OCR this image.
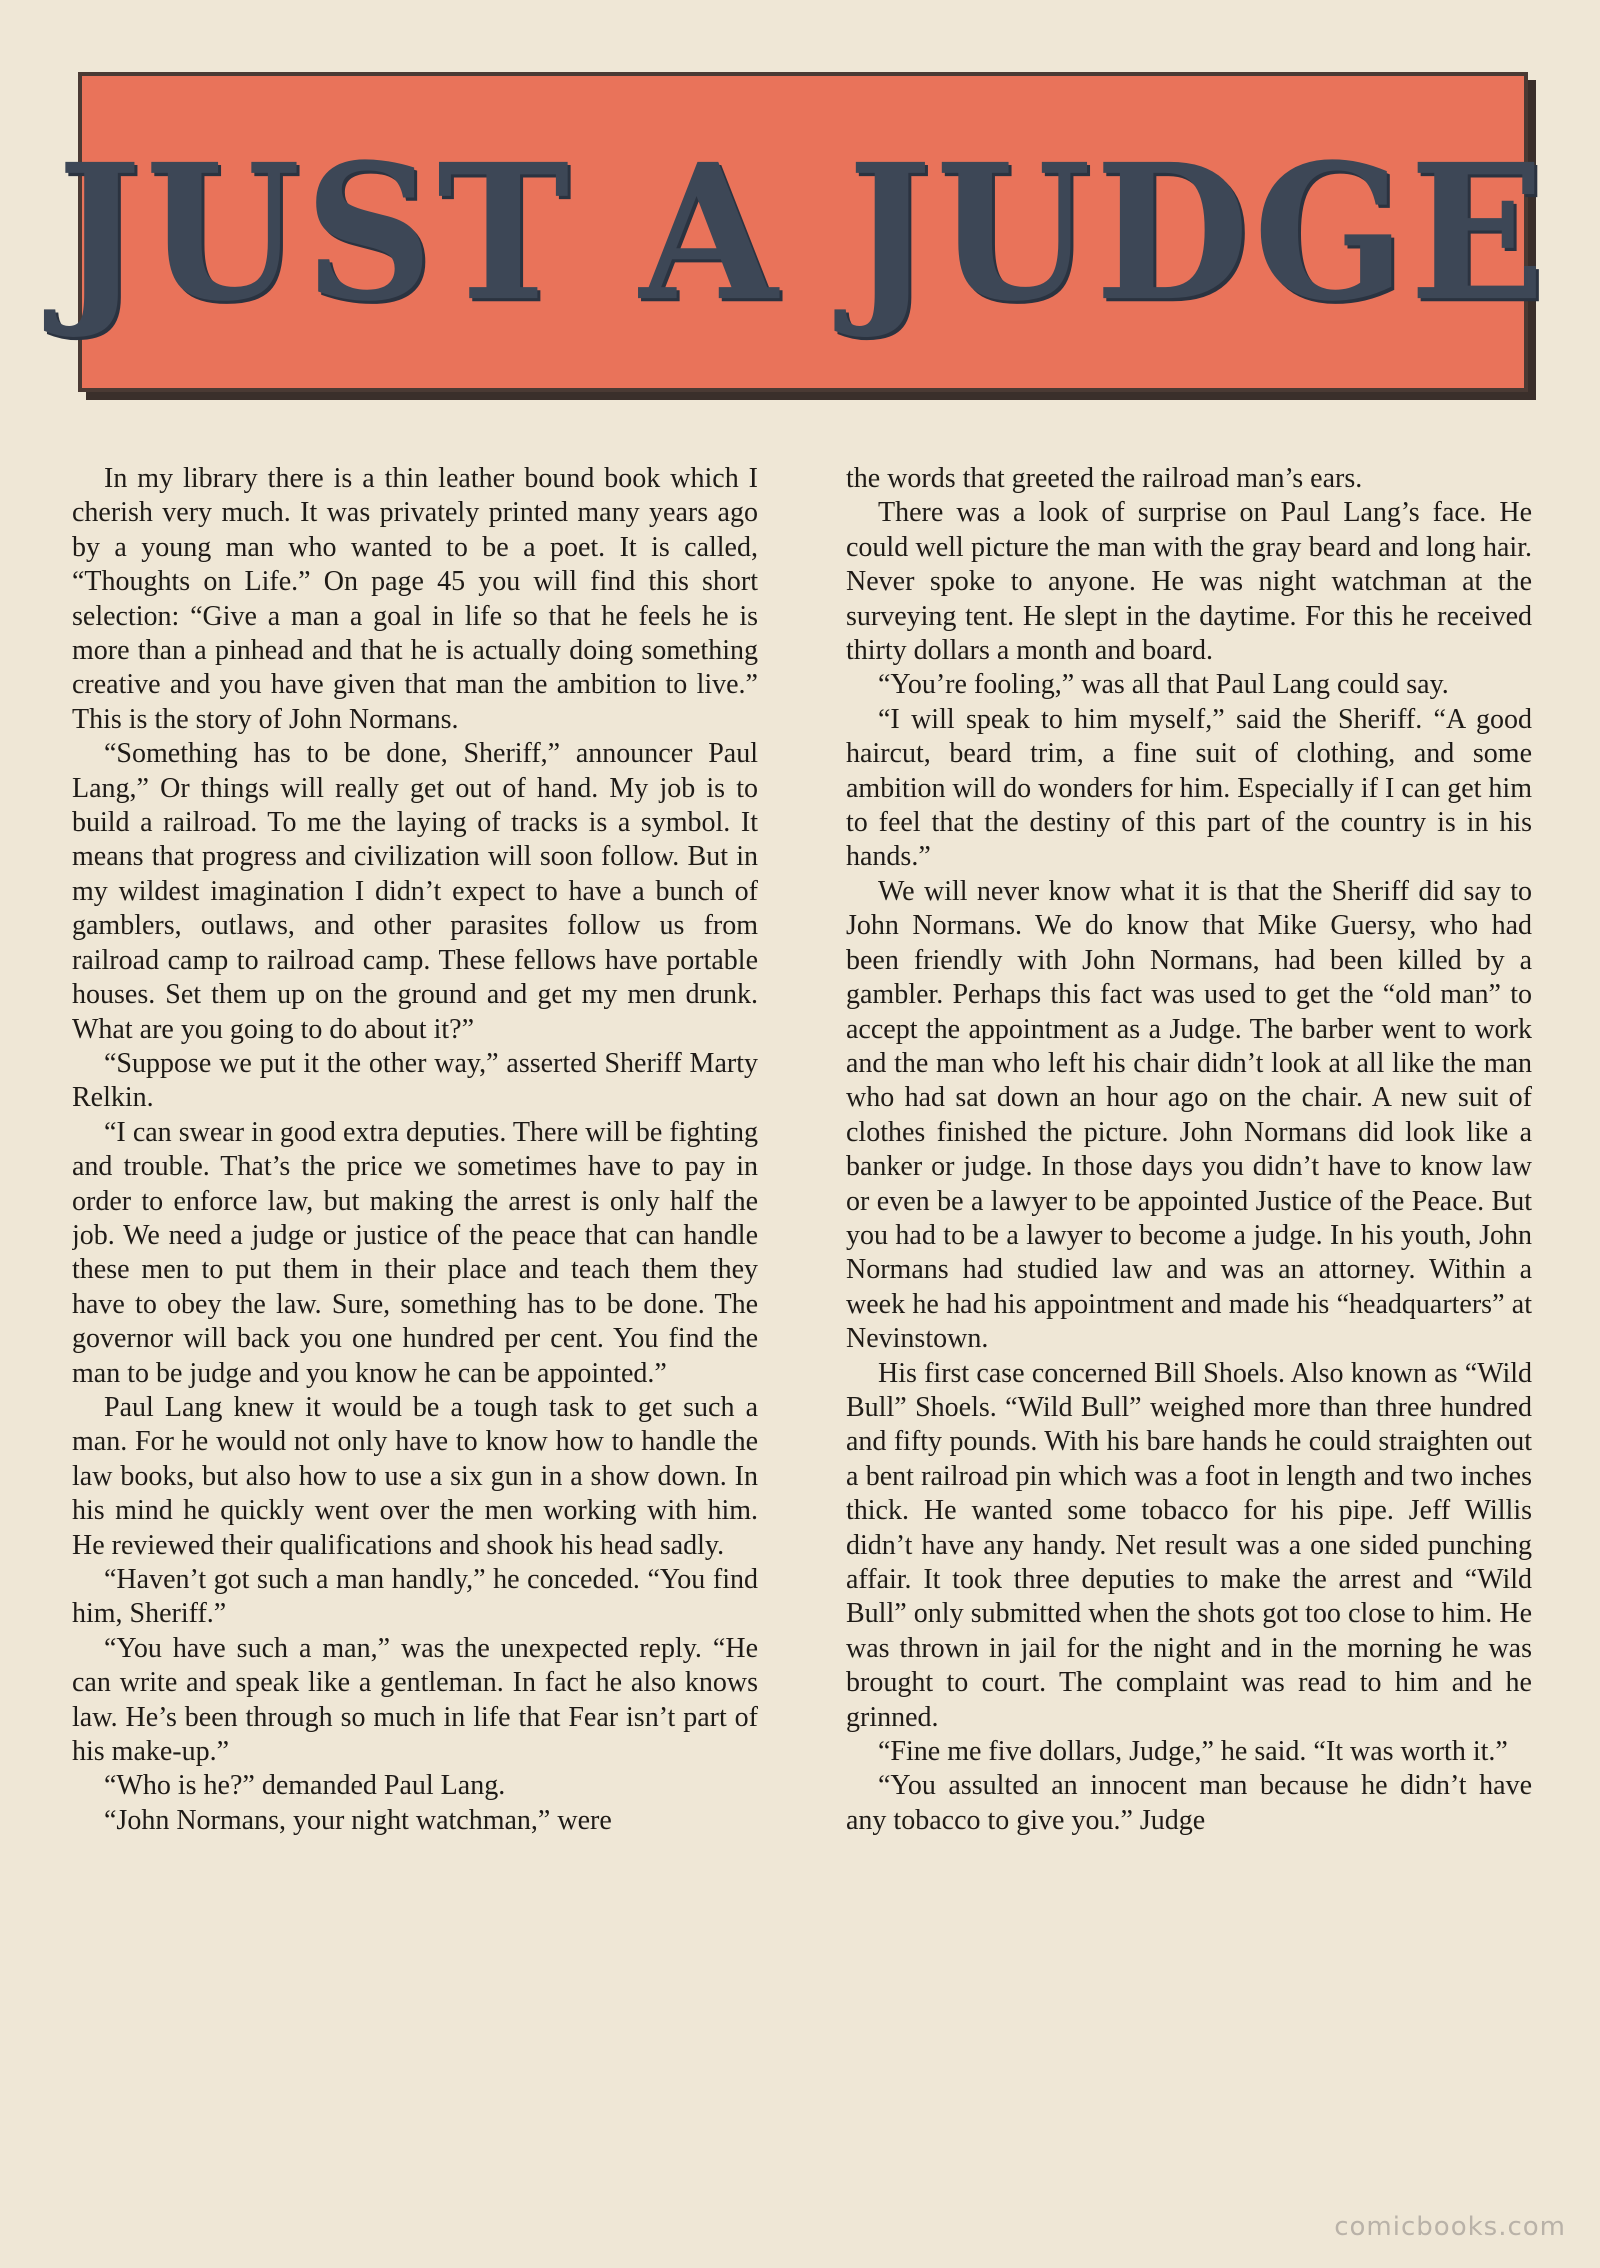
JUST A JUDGE

In my library there is a thin leather bound book which I cherish very much. It was privately printed many years ago by a young man who wanted to be a poet. It is called, “Thoughts on Life.” On page 45 you will find this short selection: “Give a man a goal in life so that he feels he is more than a pinhead and that he is actually doing something creative and you have given that man the ambition to live.” This is the story of John Normans.

“Something has to be done, Sheriff,” announcer Paul Lang,” Or things will really get out of hand. My job is to build a railroad. To me the laying of tracks is a symbol. It means that progress and civilization will soon follow. But in my wildest imagination I didn’t expect to have a bunch of gamblers, outlaws, and other parasites follow us from railroad camp to railroad camp. These fellows have portable houses. Set them up on the ground and get my men drunk. What are you going to do about it?”

“Suppose we put it the other way,” asserted Sheriff Marty Relkin.

“I can swear in good extra deputies. There will be fighting and trouble. That’s the price we sometimes have to pay in order to enforce law, but making the arrest is only half the job. We need a judge or justice of the peace that can handle these men to put them in their place and teach them they have to obey the law. Sure, something has to be done. The governor will back you one hundred per cent. You find the man to be judge and you know he can be appointed.”

Paul Lang knew it would be a tough task to get such a man. For he would not only have to know how to handle the law books, but also how to use a six gun in a show down. In his mind he quickly went over the men working with him. He reviewed their qualifications and shook his head sadly.

“Haven’t got such a man handly,” he conceded. “You find him, Sheriff.”

“You have such a man,” was the unexpected reply. “He can write and speak like a gentleman. In fact he also knows law. He’s been through so much in life that Fear isn’t part of his make-up.”

“Who is he?” demanded Paul Lang.

“John Normans, your night watchman,” were

the words that greeted the railroad man’s ears.

There was a look of surprise on Paul Lang’s face. He could well picture the man with the gray beard and long hair. Never spoke to anyone. He was night watchman at the surveying tent. He slept in the daytime. For this he received thirty dollars a month and board.

“You’re fooling,” was all that Paul Lang could say.

“I will speak to him myself,” said the Sheriff. “A good haircut, beard trim, a fine suit of clothing, and some ambition will do wonders for him. Especially if I can get him to feel that the destiny of this part of the country is in his hands.”

We will never know what it is that the Sheriff did say to John Normans. We do know that Mike Guersy, who had been friendly with John Normans, had been killed by a gambler. Perhaps this fact was used to get the “old man” to accept the appointment as a Judge. The barber went to work and the man who left his chair didn’t look at all like the man who had sat down an hour ago on the chair. A new suit of clothes finished the picture. John Normans did look like a banker or judge. In those days you didn’t have to know law or even be a lawyer to be appointed Justice of the Peace. But you had to be a lawyer to become a judge. In his youth, John Normans had studied law and was an attorney. Within a week he had his appointment and made his “headquarters” at Nevinstown.

His first case concerned Bill Shoels. Also known as “Wild Bull” Shoels. “Wild Bull” weighed more than three hundred and fifty pounds. With his bare hands he could straighten out a bent railroad pin which was a foot in length and two inches thick. He wanted some tobacco for his pipe. Jeff Willis didn’t have any handy. Net result was a one sided punching affair. It took three deputies to make the arrest and “Wild Bull” only submitted when the shots got too close to him. He was thrown in jail for the night and in the morning he was brought to court. The complaint was read to him and he grinned.

“Fine me five dollars, Judge,” he said. “It was worth it.”

“You assulted an innocent man because he didn’t have any tobacco to give you.” Judge

comicbooks.com
